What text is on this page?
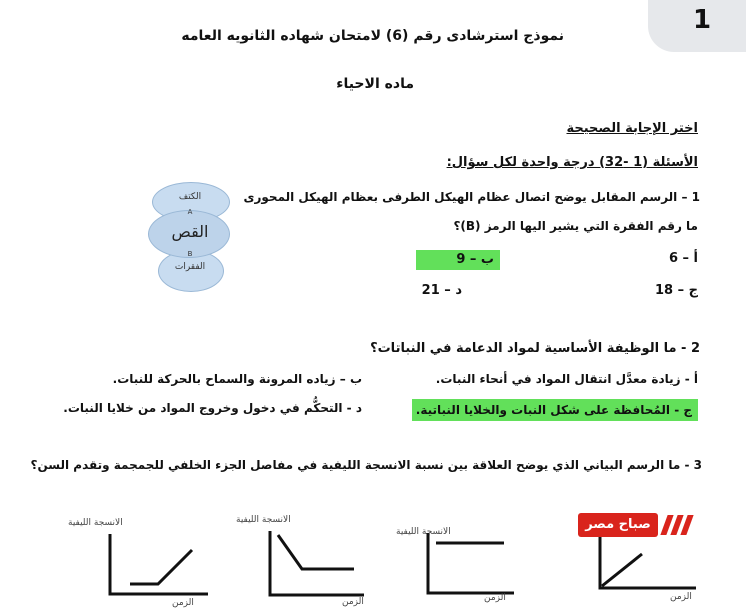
1
نموذج استرشادى رقم (6) لامتحان شهاده الثانويه العامه
ماده الاحياء
اختر الإجابة الصحيحة
الأسئلة (1 -32) درجة واحدة لكل سؤال:
1 – الرسم المقابل يوضح اتصال عظام الهيكل الطرفى بعظام الهيكل المحورى
ما رقم الفقرة التي يشير اليها الرمز (B)؟
أ – 6
ب – 9
ج – 18
د – 21
الكتف
A
القص
B
الفقرات
2 - ما الوظيفة الأساسية لمواد الدعامة في النباتات؟
أ - زيادة معدَّل انتقال المواد في أنحاء النبات.
ب – زياده المرونة والسماح بالحركة للنبات.
ج - المُحافظة على شكل النبات والخلايا النباتية.
د - التحكُّم في دخول وخروج المواد من خلايا النبات.
3 - ما الرسم البياني الذي يوضح العلاقة بين نسبة الانسجة الليفية في مفاصل الجزء الخلفي للجمجمة وتقدم السن؟
الانسجة الليفية
الزمن
الانسجة الليفية
الزمن
الانسجة الليفية
الزمن	الزمن
صباح مصر
